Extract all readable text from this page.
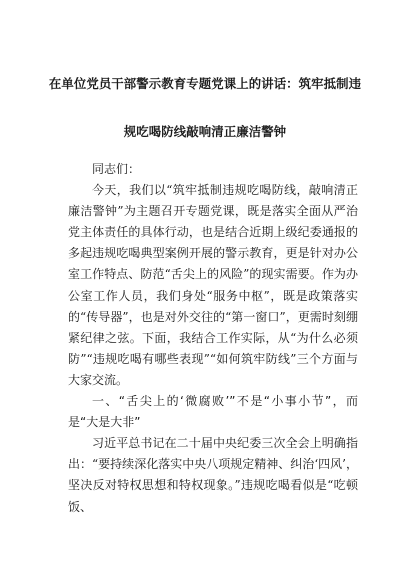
在单位党员干部警示教育专题党课上的讲话：筑牢抵制违
规吃喝防线敲响清正廉洁警钟

同志们：

今天，我们以“筑牢抵制违规吃喝防线，敲响清正廉洁警钟”为主题召开专题党课，既是落实全面从严治党主体责任的具体行动，也是结合近期上级纪委通报的多起违规吃喝典型案例开展的警示教育，更是针对办公室工作特点、防范“舌尖上的风险”的现实需要。作为办公室工作人员，我们身处“服务中枢”，既是政策落实的“传导器”，也是对外交往的“第一窗口”，更需时刻绷紧纪律之弦。下面，我结合工作实际，从“为什么必须防”“违规吃喝有哪些表现”“如何筑牢防线”三个方面与大家交流。

一、“舌尖上的‘微腐败’”不是“小事小节”，而是“大是大非”

习近平总书记在二十届中央纪委三次全会上明确指出：“要持续深化落实中央八项规定精神、纠治‘四风’，坚决反对特权思想和特权现象。”违规吃喝看似是“吃顿饭、
